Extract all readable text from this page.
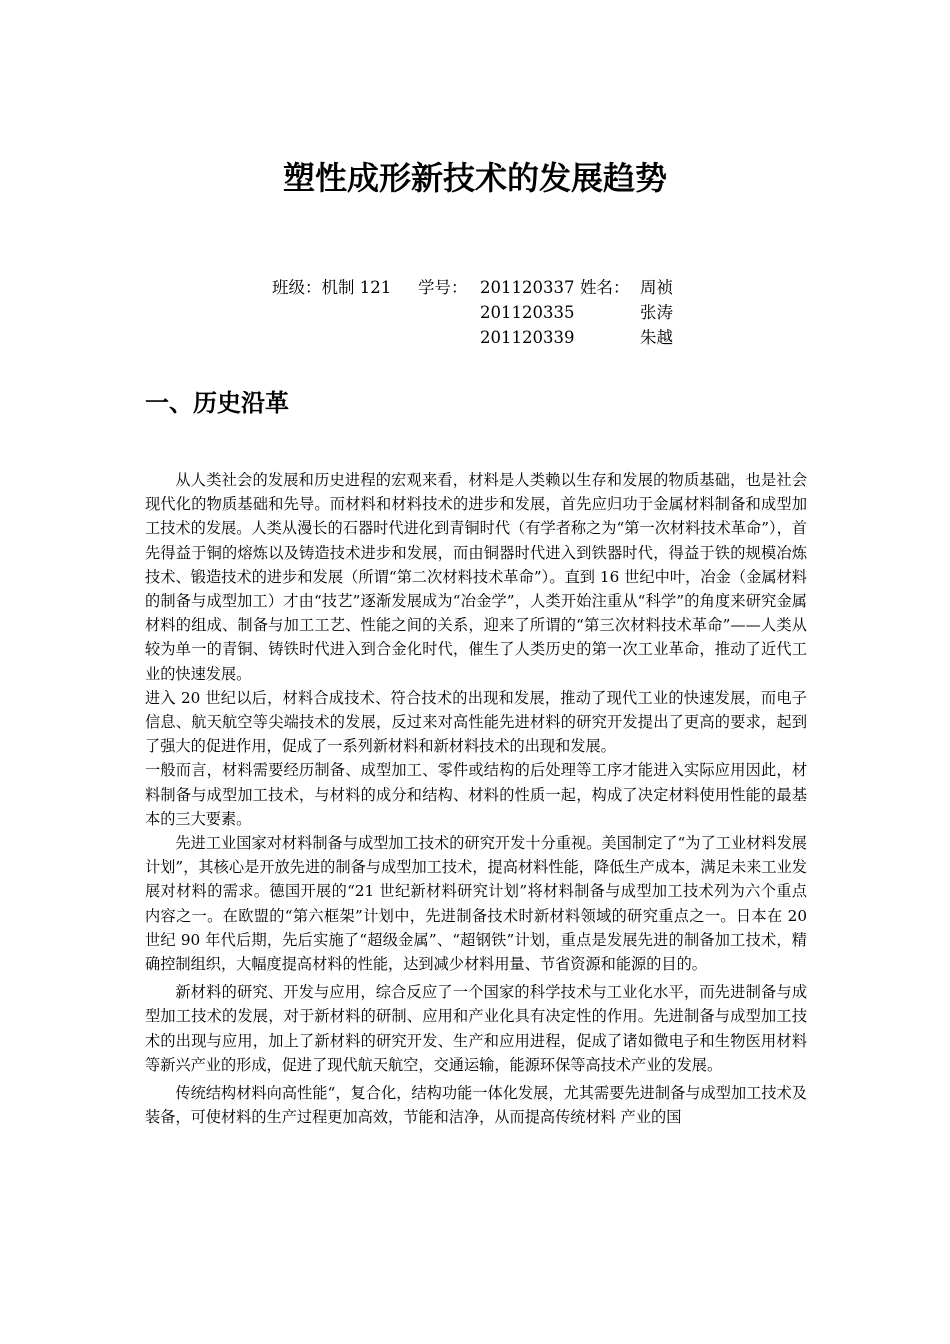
塑性成形新技术的发展趋势
班级：机制 121 学号： 201120337 姓名： 周祯
201120335	张涛
201120339	朱越
一、历史沿革

从人类社会的发展和历史进程的宏观来看，材料是人类赖以生存和发展的物质基础，也是社会现代化的物质基础和先导。而材料和材料技术的进步和发展，首先应归功于金属材料制备和成型加工技术的发展。人类从漫长的石器时代进化到青铜时代（有学者称之为“第一次材料技术革命”），首先得益于铜的熔炼以及铸造技术进步和发展，而由铜器时代进入到铁器时代，得益于铁的规模冶炼技术、锻造技术的进步和发展（所谓“第二次材料技术革命”）。直到 16 世纪中叶，冶金（金属材料的制备与成型加工）才由“技艺”逐渐发展成为“冶金学”，人类开始注重从“科学”的角度来研究金属材料的组成、制备与加工工艺、性能之间的关系，迎来了所谓的“第三次材料技术革命”——人类从较为单一的青铜、铸铁时代进入到合金化时代，催生了人类历史的第一次工业革命，推动了近代工业的快速发展。

进入 20 世纪以后，材料合成技术、符合技术的出现和发展，推动了现代工业的快速发展，而电子信息、航天航空等尖端技术的发展，反过来对高性能先进材料的研究开发提出了更高的要求，起到了强大的促进作用，促成了一系列新材料和新材料技术的出现和发展。

一般而言，材料需要经历制备、成型加工、零件或结构的后处理等工序才能进入实际应用因此，材料制备与成型加工技术，与材料的成分和结构、材料的性质一起，构成了决定材料使用性能的最基本的三大要素。

先进工业国家对材料制备与成型加工技术的研究开发十分重视。美国制定了“为了工业材料发展计划”，其核心是开放先进的制备与成型加工技术，提高材料性能，降低生产成本，满足未来工业发展对材料的需求。德国开展的“21 世纪新材料研究计划”将材料制备与成型加工技术列为六个重点内容之一。在欧盟的“第六框架”计划中，先进制备技术时新材料领域的研究重点之一。日本在 20 世纪 90 年代后期，先后实施了“超级金属”、“超钢铁”计划，重点是发展先进的制备加工技术，精确控制组织，大幅度提高材料的性能，达到减少材料用量、节省资源和能源的目的。

新材料的研究、开发与应用，综合反应了一个国家的科学技术与工业化水平，而先进制备与成型加工技术的发展，对于新材料的研制、应用和产业化具有决定性的作用。先进制备与成型加工技术的出现与应用，加上了新材料的研究开发、生产和应用进程，促成了诸如微电子和生物医用材料等新兴产业的形成，促进了现代航天航空，交通运输，能源环保等高技术产业的发展。

传统结构材料向高性能“，复合化，结构功能一体化发展，尤其需要先进制备与成型加工技术及装备，可使材料的生产过程更加高效，节能和洁净，从而提高传统材料 产业的国
